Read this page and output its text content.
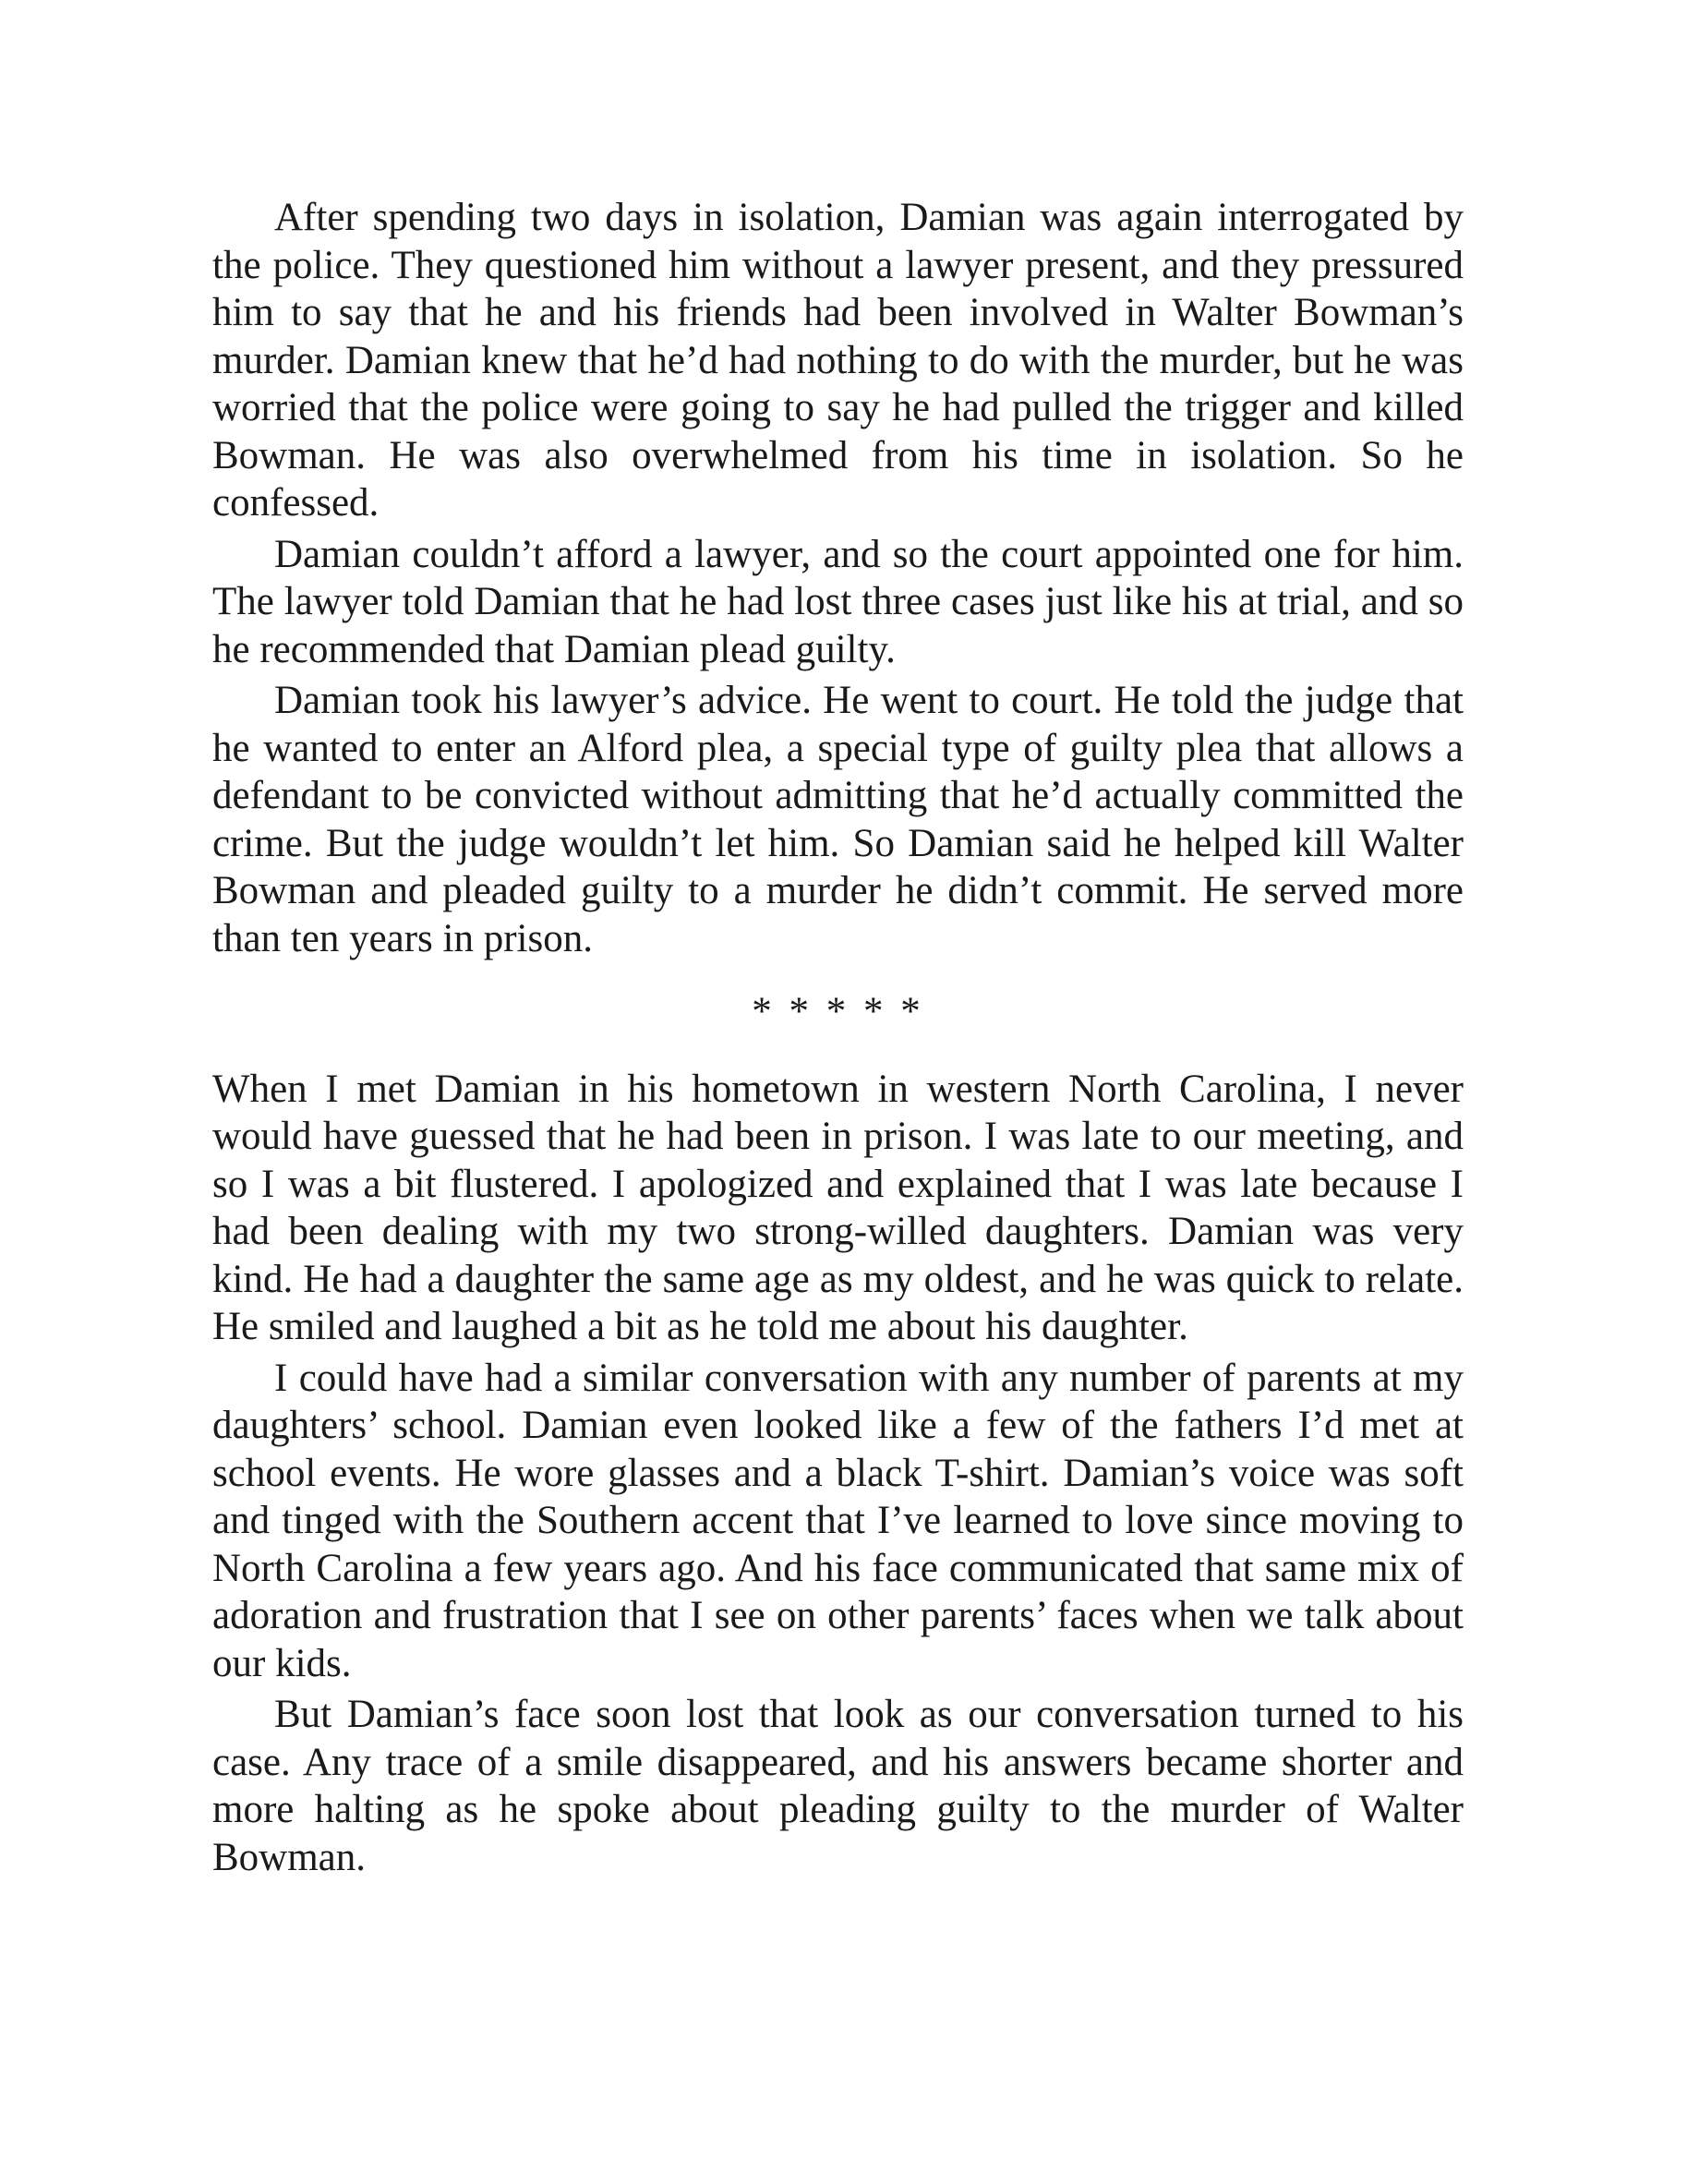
After spending two days in isolation, Damian was again interrogated by the police. They questioned him without a lawyer present, and they pressured him to say that he and his friends had been involved in Walter Bowman’s murder. Damian knew that he’d had nothing to do with the murder, but he was worried that the police were going to say he had pulled the trigger and killed Bowman. He was also overwhelmed from his time in isolation. So he confessed.

Damian couldn’t afford a lawyer, and so the court appointed one for him. The lawyer told Damian that he had lost three cases just like his at trial, and so he recommended that Damian plead guilty.

Damian took his lawyer’s advice. He went to court. He told the judge that he wanted to enter an Alford plea, a special type of guilty plea that allows a defendant to be convicted without admitting that he’d actually committed the crime. But the judge wouldn’t let him. So Damian said he helped kill Walter Bowman and pleaded guilty to a murder he didn’t commit. He served more than ten years in prison.

* * * * *

When I met Damian in his hometown in western North Carolina, I never would have guessed that he had been in prison. I was late to our meeting, and so I was a bit flustered. I apologized and explained that I was late because I had been dealing with my two strong-willed daughters. Damian was very kind. He had a daughter the same age as my oldest, and he was quick to relate. He smiled and laughed a bit as he told me about his daughter.

I could have had a similar conversation with any number of parents at my daughters’ school. Damian even looked like a few of the fathers I’d met at school events. He wore glasses and a black T-shirt. Damian’s voice was soft and tinged with the Southern accent that I’ve learned to love since moving to North Carolina a few years ago. And his face communicated that same mix of adoration and frustration that I see on other parents’ faces when we talk about our kids.

But Damian’s face soon lost that look as our conversation turned to his case. Any trace of a smile disappeared, and his answers became shorter and more halting as he spoke about pleading guilty to the murder of Walter Bowman.
